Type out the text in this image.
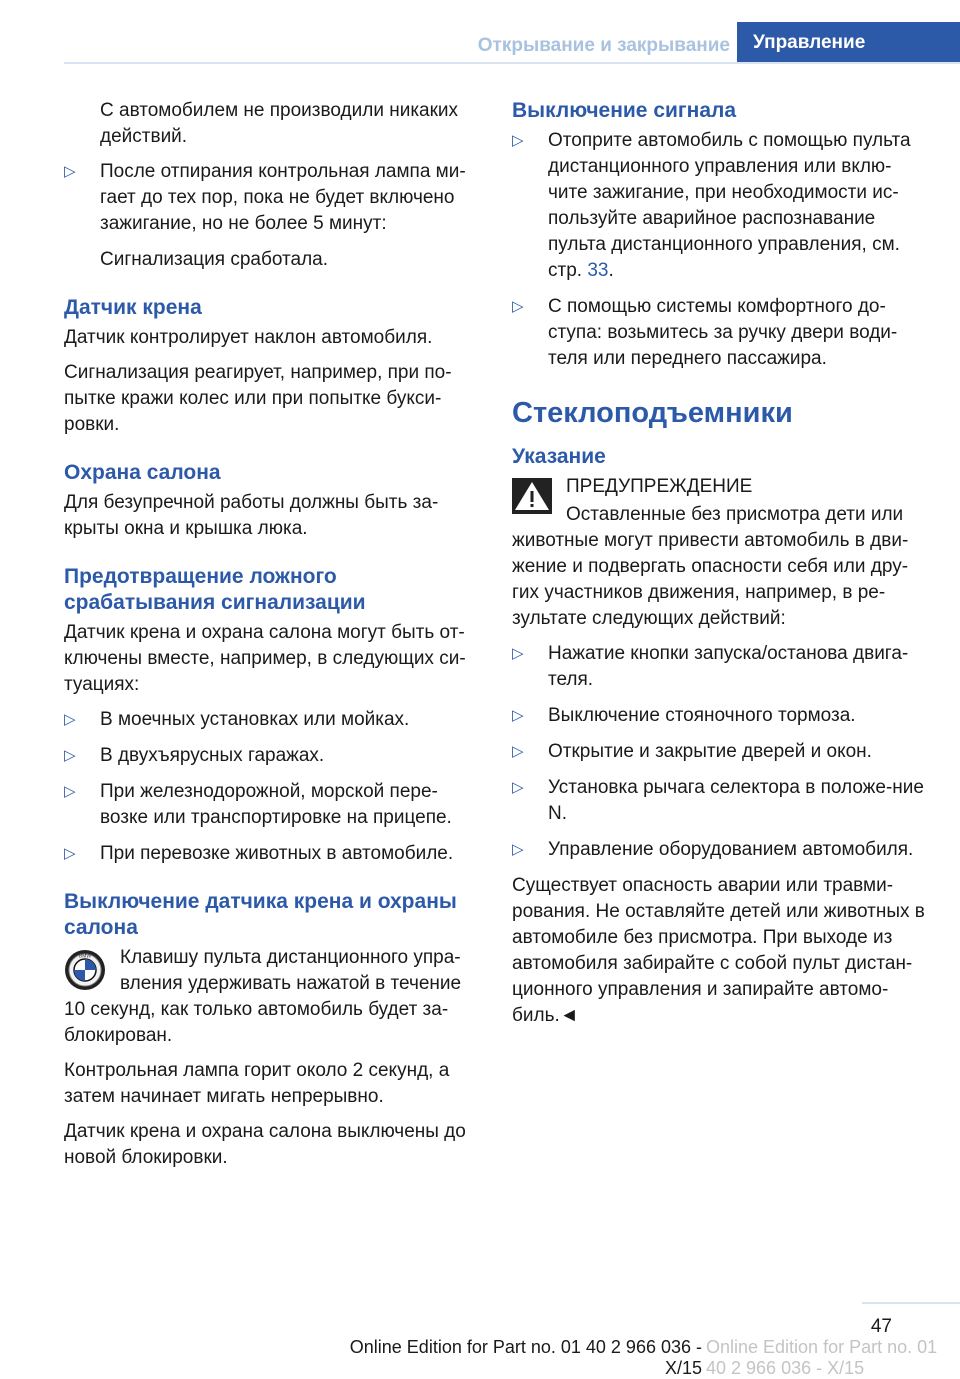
Открывание и закрывание	Управление

С автомобилем не производили никаких действий.

▷ После отпирания контрольная лампа ми-гает до тех пор, пока не будет включено зажигание, но не более 5 минут:

Сигнализация сработала.

Датчик крена

Датчик контролирует наклон автомобиля.

Сигнализация реагирует, например, при по-пытке кражи колес или при попытке букси-ровки.

Охрана салона

Для безупречной работы должны быть за-крыты окна и крышка люка.

Предотвращение ложного срабатывания сигнализации

Датчик крена и охрана салона могут быть от-ключены вместе, например, в следующих си-туациях:

▷ В моечных установках или мойках.
▷ В двухъярусных гаражах.
▷ При железнодорожной, морской пере-возке или транспортировке на прицепе.
▷ При перевозке животных в автомобиле.
Выключение датчика крена и охраны салона
BMW	Клавишу пульта дистанционного упра-вления удерживать нажатой в течение 10 секунд, как только автомобиль будет за-блокирован.

Контрольная лампа горит около 2 секунд, а затем начинает мигать непрерывно.

Датчик крена и охрана салона выключены до новой блокировки.

Выключение сигнала
▷ Отоприте автомобиль с помощью пульта дистанционного управления или вклю-чите зажигание, при необходимости ис-пользуйте аварийное распознавание пульта дистанционного управления, см. стр. 33.
▷ С помощью системы комфортного до-ступа: возьмитесь за ручку двери води-теля или переднего пассажира.
Стеклоподъемники
Указание

ПРЕДУПРЕЖДЕНИЕ

Оставленные без присмотра дети или животные могут привести автомобиль в дви-жение и подвергать опасности себя или дру-гих участников движения, например, в ре-зультате следующих действий:

▷ Нажатие кнопки запуска/останова двига-теля.
▷ Выключение стояночного тормоза.
▷ Открытие и закрытие дверей и окон.
▷ Установка рычага селектора в положе-ние N.
▷ Управление оборудованием автомобиля.

Существует опасность аварии или травми-рования. Не оставляйте детей или животных в автомобиле без присмотра. При выходе из автомобиля забирайте с собой пульт дистан-ционного управления и запирайте автомо-биль.◄

47
Online Edition for Part no. 01 40 2 966 036 - X/15
Online Edition for Part no. 01 40 2 966 036 - X/15
